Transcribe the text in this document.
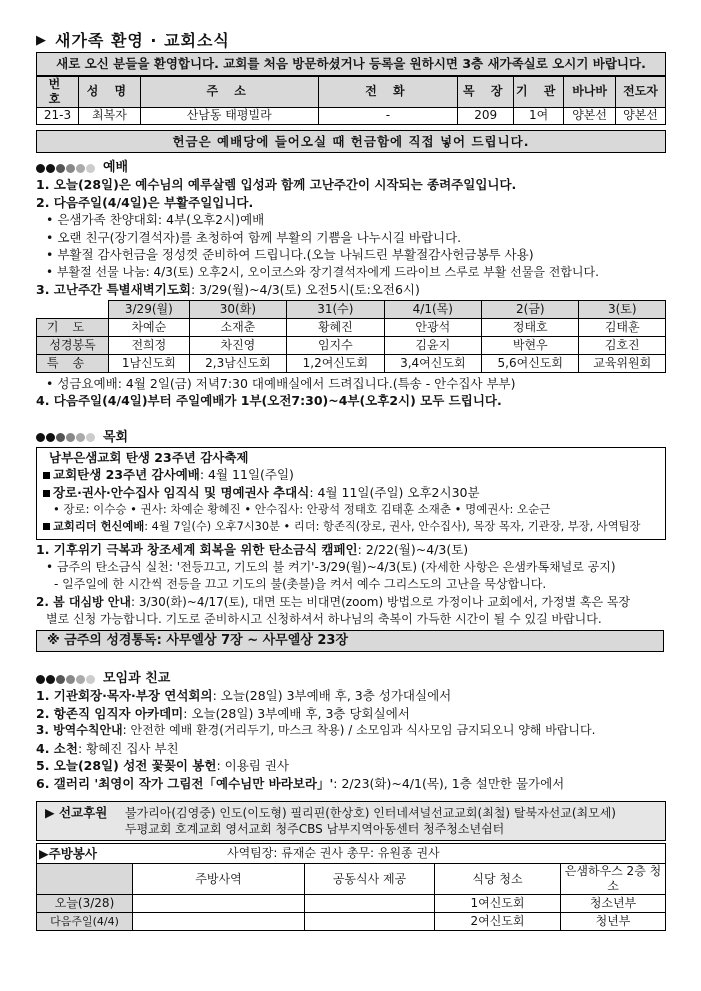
▶ 새가족 환영 · 교회소식
새로 오신 분들을 환영합니다. 교회를 처음 방문하셨거나 등록을 원하시면 3층 새가족실로 오시기 바랍니다.
번 호	성 명	주 소	전 화	목 장	기 관	바나바	전도자
21-3	최복자	산남동 태평빌라	-	209	1여	양본선	양본선
헌금은 예배당에 들어오실 때 헌금함에 직접 넣어 드립니다.
예배
1. 오늘(28일)은 예수님의 예루살렘 입성과 함께 고난주간이 시작되는 종려주일입니다.
2. 다음주일(4/4일)은 부활주일입니다.
• 은샘가족 찬양대회: 4부(오후2시)예배
• 오랜 친구(장기결석자)를 초청하여 함께 부활의 기쁨을 나누시길 바랍니다.
• 부활절 감사헌금을 정성껏 준비하여 드립니다.(오늘 나눠드린 부활절감사헌금봉투 사용)
• 부활절 선물 나눔: 4/3(토) 오후2시, 오이코스와 장기결석자에게 드라이브 스루로 부활 선물을 전합니다.
3. 고난주간 특별새벽기도회: 3/29(월)~4/3(토) 오전5시(토:오전6시)
	3/29(월)	30(화)	31(수)	4/1(목)	2(금)	3(토)
기도	차예순	소재춘	황혜진	안광석	정태호	김태훈
성경봉독	전희정	차진영	임지수	김윤지	박현우	김호진
특송	1남신도회	2,3남신도회	1,2여신도회	3,4여신도회	5,6여신도회	교육위원회
• 성금요예배: 4월 2일(금) 저녁7:30 대예배실에서 드려집니다.(특송 - 안수집사 부부)
4. 다음주일(4/4일)부터 주일예배가 1부(오전7:30)~4부(오후2시) 모두 드립니다.
목회
남부은샘교회 탄생 23주년 감사축제
교회탄생 23주년 감사예배: 4월 11일(주일)
장로·권사·안수집사 임직식 및 명예권사 추대식: 4월 11일(주일) 오후2시30분
• 장로: 이수승 • 권사: 차예순 황혜진 • 안수집사: 안광석 정태호 김태훈 소재춘 • 명예권사: 오순근
교회리더 헌신예배: 4월 7일(수) 오후7시30분 • 리더: 항존직(장로, 권사, 안수집사), 목장 목자, 기관장, 부장, 사역팀장
1. 기후위기 극복과 창조세계 회복을 위한 탄소금식 캠페인: 2/22(월)~4/3(토)
• 금주의 탄소금식 실천: '전등끄고, 기도의 불 켜기'-3/29(월)~4/3(토) (자세한 사항은 은샘카톡채널로 공지)
- 일주일에 한 시간씩 전등을 끄고 기도의 불(촛불)을 켜서 예수 그리스도의 고난을 묵상합니다.
2. 봄 대심방 안내: 3/30(화)~4/17(토), 대면 또는 비대면(zoom) 방법으로 가정이나 교회에서, 가정별 혹은 목장
별로 신청 가능합니다. 기도로 준비하시고 신청하셔서 하나님의 축복이 가득한 시간이 될 수 있길 바랍니다.
※ 금주의 성경통독: 사무엘상 7장 ~ 사무엘상 23장
모임과 친교
1. 기관회장·목자·부장 연석회의: 오늘(28일) 3부예배 후, 3층 성가대실에서
2. 항존직 임직자 아카데미: 오늘(28일) 3부예배 후, 3층 당회실에서
3. 방역수칙안내: 안전한 예배 환경(거리두기, 마스크 착용) / 소모임과 식사모임 금지되오니 양해 바랍니다.
4. 소천: 황혜진 집사 부친
5. 오늘(28일) 성전 꽃꽂이 봉헌: 이용림 권사
6. 갤러리 '최영이 작가 그림전「예수님만 바라보라」': 2/23(화)~4/1(목), 1층 설만한 물가에서
▶ 선교후원	불가리아(김영중) 인도(이도형) 필리핀(한상호) 인터네셔널선교교회(최철) 탈북자선교(최모세)
두평교회 호계교회 영서교회 청주CBS 남부지역아동센터 청주청소년쉼터
▶주방봉사	사역팀장: 류재순 권사 총무: 유원종 권사
	주방사역	공동식사 제공	식당 청소	은샘하우스 2층 청소
오늘(3/28)			1여신도회	청소년부
다음주일(4/4)			2여신도회	청년부
